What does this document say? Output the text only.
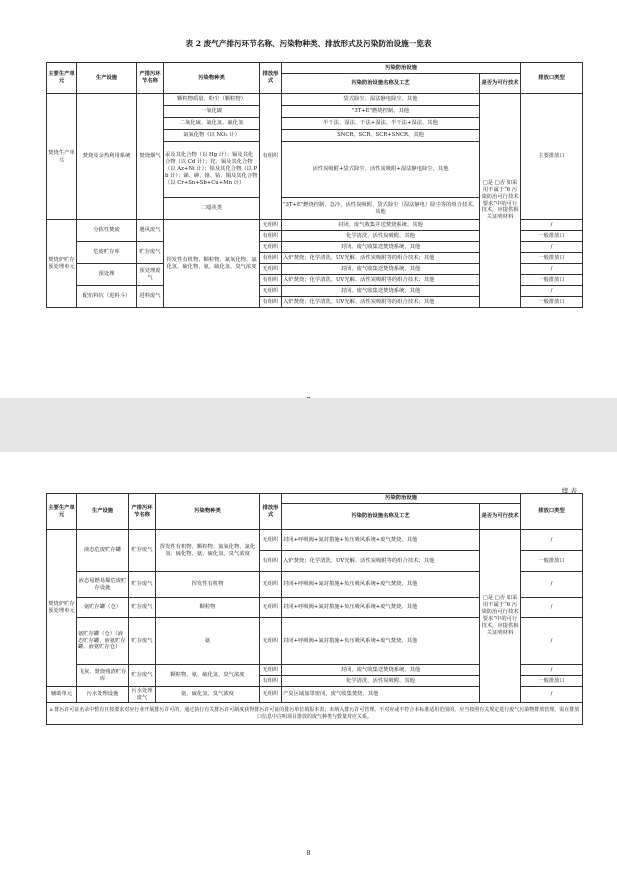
表 2 废气产排污环节名称、污染物种类、排放形式及污染防治设施一览表
主要生产单元	生产设施	产排污环节名称	污染物种类	排放形式	污染防治设施		排放口类型
					污染防治设施名称及工艺	是否为可行技术	
焚烧生产单元	焚烧及余热利用系统	焚烧烟气	颗粒物质量、粉尘（颗粒物）	有组织	袋式除尘、湿法静电除尘、其他	□是 □否 如采用不属于“6 污染防治可行技术要求”中的可行技术，应提供相关证明材料	主要排放口
			一氧化碳		"3T+E"燃烧控制、其他		
			二氧化硫、氯化氢、氟化氢		半干法、湿法、干法+湿法、半干法+湿法、其他		
			氮氧化物（以 NO₂ 计）		SNCR、SCR、SCR+SNCR、其他		
			汞及其化合物（以 Hg 计）；镉及其化合物（以 Cd 计）；铊、镉及其化合物（以 Az+Ni 计）；铅及其化合物（以 Pb 计）；锑、砷、铬、钴、铜及其化合物（以 Cr+Sn+Sb+Cu+Mn 计）		活性炭吸附+袋式除尘、活性炭吸附+湿法静电除尘、其他		
			二噁英类		"3T+E"燃烧控制、急冷、活性炭吸附、袋式除尘（湿法静电）除尘等的组合技术、其他		
焚烧炉贮存预处理单元	分拣性焚废	遇风废气	挥发性有机物、颗粒物、氮氧化物、氯化氢、硫化物、氨、硫化氢、臭气浓度	无组织	封闭、废气收集并送焚烧系统、其他		/
				有组织	化学清洗、活性炭吸附、其他		一般排放口
	危废贮存库	贮存废气		无组织	封闭、废气收集送焚烧系统、其他		/
				有组织	入炉焚烧；化学清洗、UV光解、活性炭吸附等的组合技术；其他		一般排放口
	预处理	预处理废气		无组织	封闭、废气收集送焚烧系统、其他		/
				有组织	入炉焚烧；化学清洗、UV光解、活性炭吸附等的组合技术；其他		一般排放口
	配伍料坑（进料斗）	进料废气		无组织	封闭、废气收集送焚烧系统、其他		/
				有组织	入炉焚烧；化学清洗、UV光解、活性炭吸附等的组合技术；其他		一般排放口
续 表
主要生产单元	生产设施	产排污环节名称	污染物种类	排放形式	污染防治设施		排放口类型
					污染防治设施名称及工艺	是否为可行技术	
焚烧炉贮存预处理单元	液态危废贮存罐	贮存废气	挥发性有机物、颗粒物、氮氧化物、氯化氢、硫化物、氨、硫化氢、臭气浓度	无组织	封闭+呼吸阀+氮封措施+负压吸风系统+废气焚烧、其他	□是 □否 如采用不属于“6 污染防治可行技术要求”中的可行技术，应提供相关证明材料	/
				有组织	入炉焚烧；化学清洗、UV光解、活性炭吸附等的组合技术；其他		一般排放口
	液态易燃易爆危废贮存设施	贮存废气	挥发性有机物	无组织	封闭+呼吸阀+氮封措施+负压吸风系统+废气焚烧、其他		/
	氨贮存罐（仓）	贮存废气	颗粒物	无组织	封闭+呼吸阀+氮封措施+负压吸风系统+废气焚烧、其他		/
	氨贮存罐（仓）（液态贮存罐、液氨贮存罐、液氨贮存仓）	贮存废气	氨	无组织	封闭+呼吸阀+氮封措施+负压吸风系统+废气焚烧、其他		/
	飞灰、焚烧残渣贮存库	贮存废气	颗粒物、氨、硫化氢、臭气浓度	无组织	封闭、废气收集送焚烧系统、其他		/
				有组织	化学清洗、活性炭吸附、其他		一般排放口

辅助单元	污水处理设施	污水处理废气	氨、硫化氢、臭气浓度	无组织	产臭区域加罩密闭，废气收集焚烧、其他		/

a 排污许可证名录中暂有且按要求对应行业开展排污许可的，通过执行有关排污许可制度获得排污许可证的排污单位填报本表；未纳入排污许可管理、不对应或不符合本标准适用范围的，应当按照有关规定进行废气污染物排放管理。需在排放口信息中注明项目排放的废气种类与数量对应关系。							
8
